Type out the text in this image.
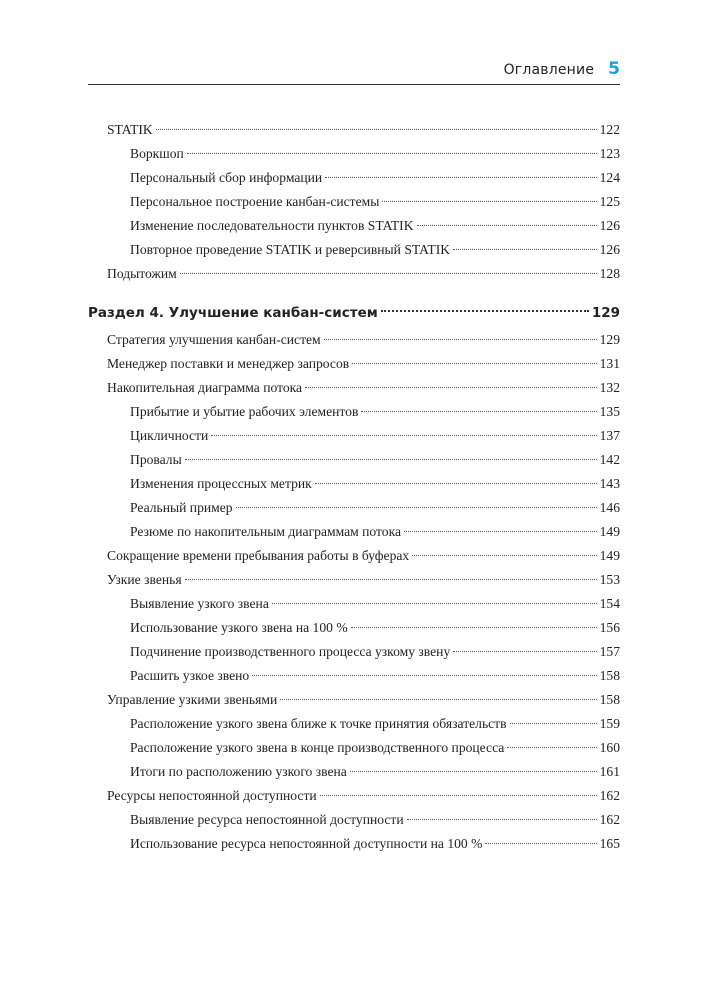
Оглавление 5
STATIK	122
Воркшоп	123
Персональный сбор информации	124
Персональное построение канбан-системы	125
Изменение последовательности пунктов STATIK	126
Повторное проведение STATIK и реверсивный STATIK	126
Подытожим	128
Раздел 4. Улучшение канбан-систем	129
Стратегия улучшения канбан-систем	129
Менеджер поставки и менеджер запросов	131
Накопительная диаграмма потока	132
Прибытие и убытие рабочих элементов	135
Цикличности	137
Провалы	142
Изменения процессных метрик	143
Реальный пример	146
Резюме по накопительным диаграммам потока	149
Сокращение времени пребывания работы в буферах	149
Узкие звенья	153
Выявление узкого звена	154
Использование узкого звена на 100 %	156
Подчинение производственного процесса узкому звену	157
Расшить узкое звено	158
Управление узкими звеньями	158
Расположение узкого звена ближе к точке принятия обязательств	159
Расположение узкого звена в конце производственного процесса	160
Итоги по расположению узкого звена	161
Ресурсы непостоянной доступности	162
Выявление ресурса непостоянной доступности	162
Использование ресурса непостоянной доступности на 100 %	165
